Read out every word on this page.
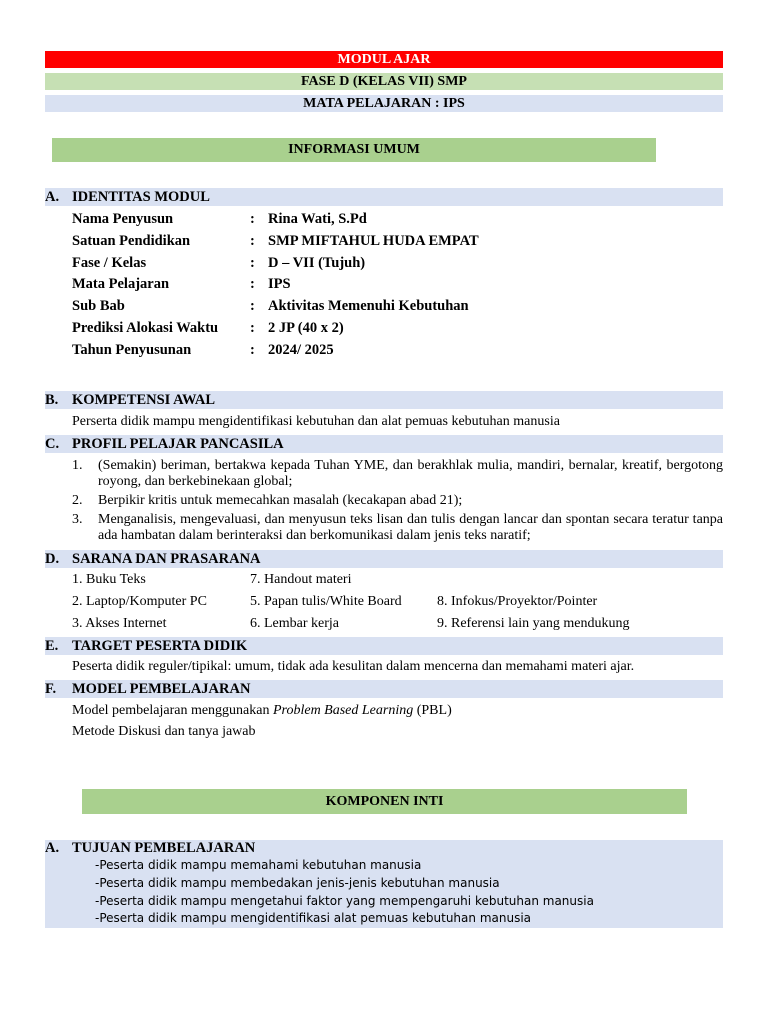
MODUL AJAR
FASE D (KELAS VII) SMP
MATA PELAJARAN : IPS
INFORMASI UMUM
A. IDENTITAS MODUL
Nama Penyusun	: Rina Wati, S.Pd
Satuan Pendidikan	: SMP MIFTAHUL HUDA EMPAT
Fase / Kelas	: D – VII (Tujuh)
Mata Pelajaran	: IPS
Sub Bab	: Aktivitas Memenuhi Kebutuhan
Prediksi Alokasi Waktu : 2 JP (40 x 2)
Tahun Penyusunan	: 2024/ 2025
B. KOMPETENSI AWAL
Perserta didik mampu mengidentifikasi kebutuhan dan alat pemuas kebutuhan manusia
C. PROFIL PELAJAR PANCASILA
1. (Semakin) beriman, bertakwa kepada Tuhan YME, dan berakhlak mulia, mandiri, bernalar, kreatif, bergotong royong, dan berkebinekaan global;
2. Berpikir kritis untuk memecahkan masalah (kecakapan abad 21);
3. Menganalisis, mengevaluasi, dan menyusun teks lisan dan tulis dengan lancar dan spontan secara teratur tanpa ada hambatan dalam berinteraksi dan berkomunikasi dalam jenis teks naratif;
D. SARANA DAN PRASARANA
1. Buku Teks	7. Handout materi
2. Laptop/Komputer PC	5. Papan tulis/White Board	8. Infokus/Proyektor/Pointer
3. Akses Internet	6. Lembar kerja	9. Referensi lain yang mendukung
E. TARGET PESERTA DIDIK
Peserta didik reguler/tipikal: umum, tidak ada kesulitan dalam mencerna dan memahami materi ajar.
F. MODEL PEMBELAJARAN
Model pembelajaran menggunakan Problem Based Learning (PBL)
Metode Diskusi dan tanya jawab
KOMPONEN INTI
A. TUJUAN PEMBELAJARAN
-Peserta didik mampu memahami kebutuhan manusia
-Peserta didik mampu membedakan jenis-jenis kebutuhan manusia
-Peserta didik mampu mengetahui faktor yang mempengaruhi kebutuhan manusia
-Peserta didik mampu mengidentifikasi alat pemuas kebutuhan manusia
